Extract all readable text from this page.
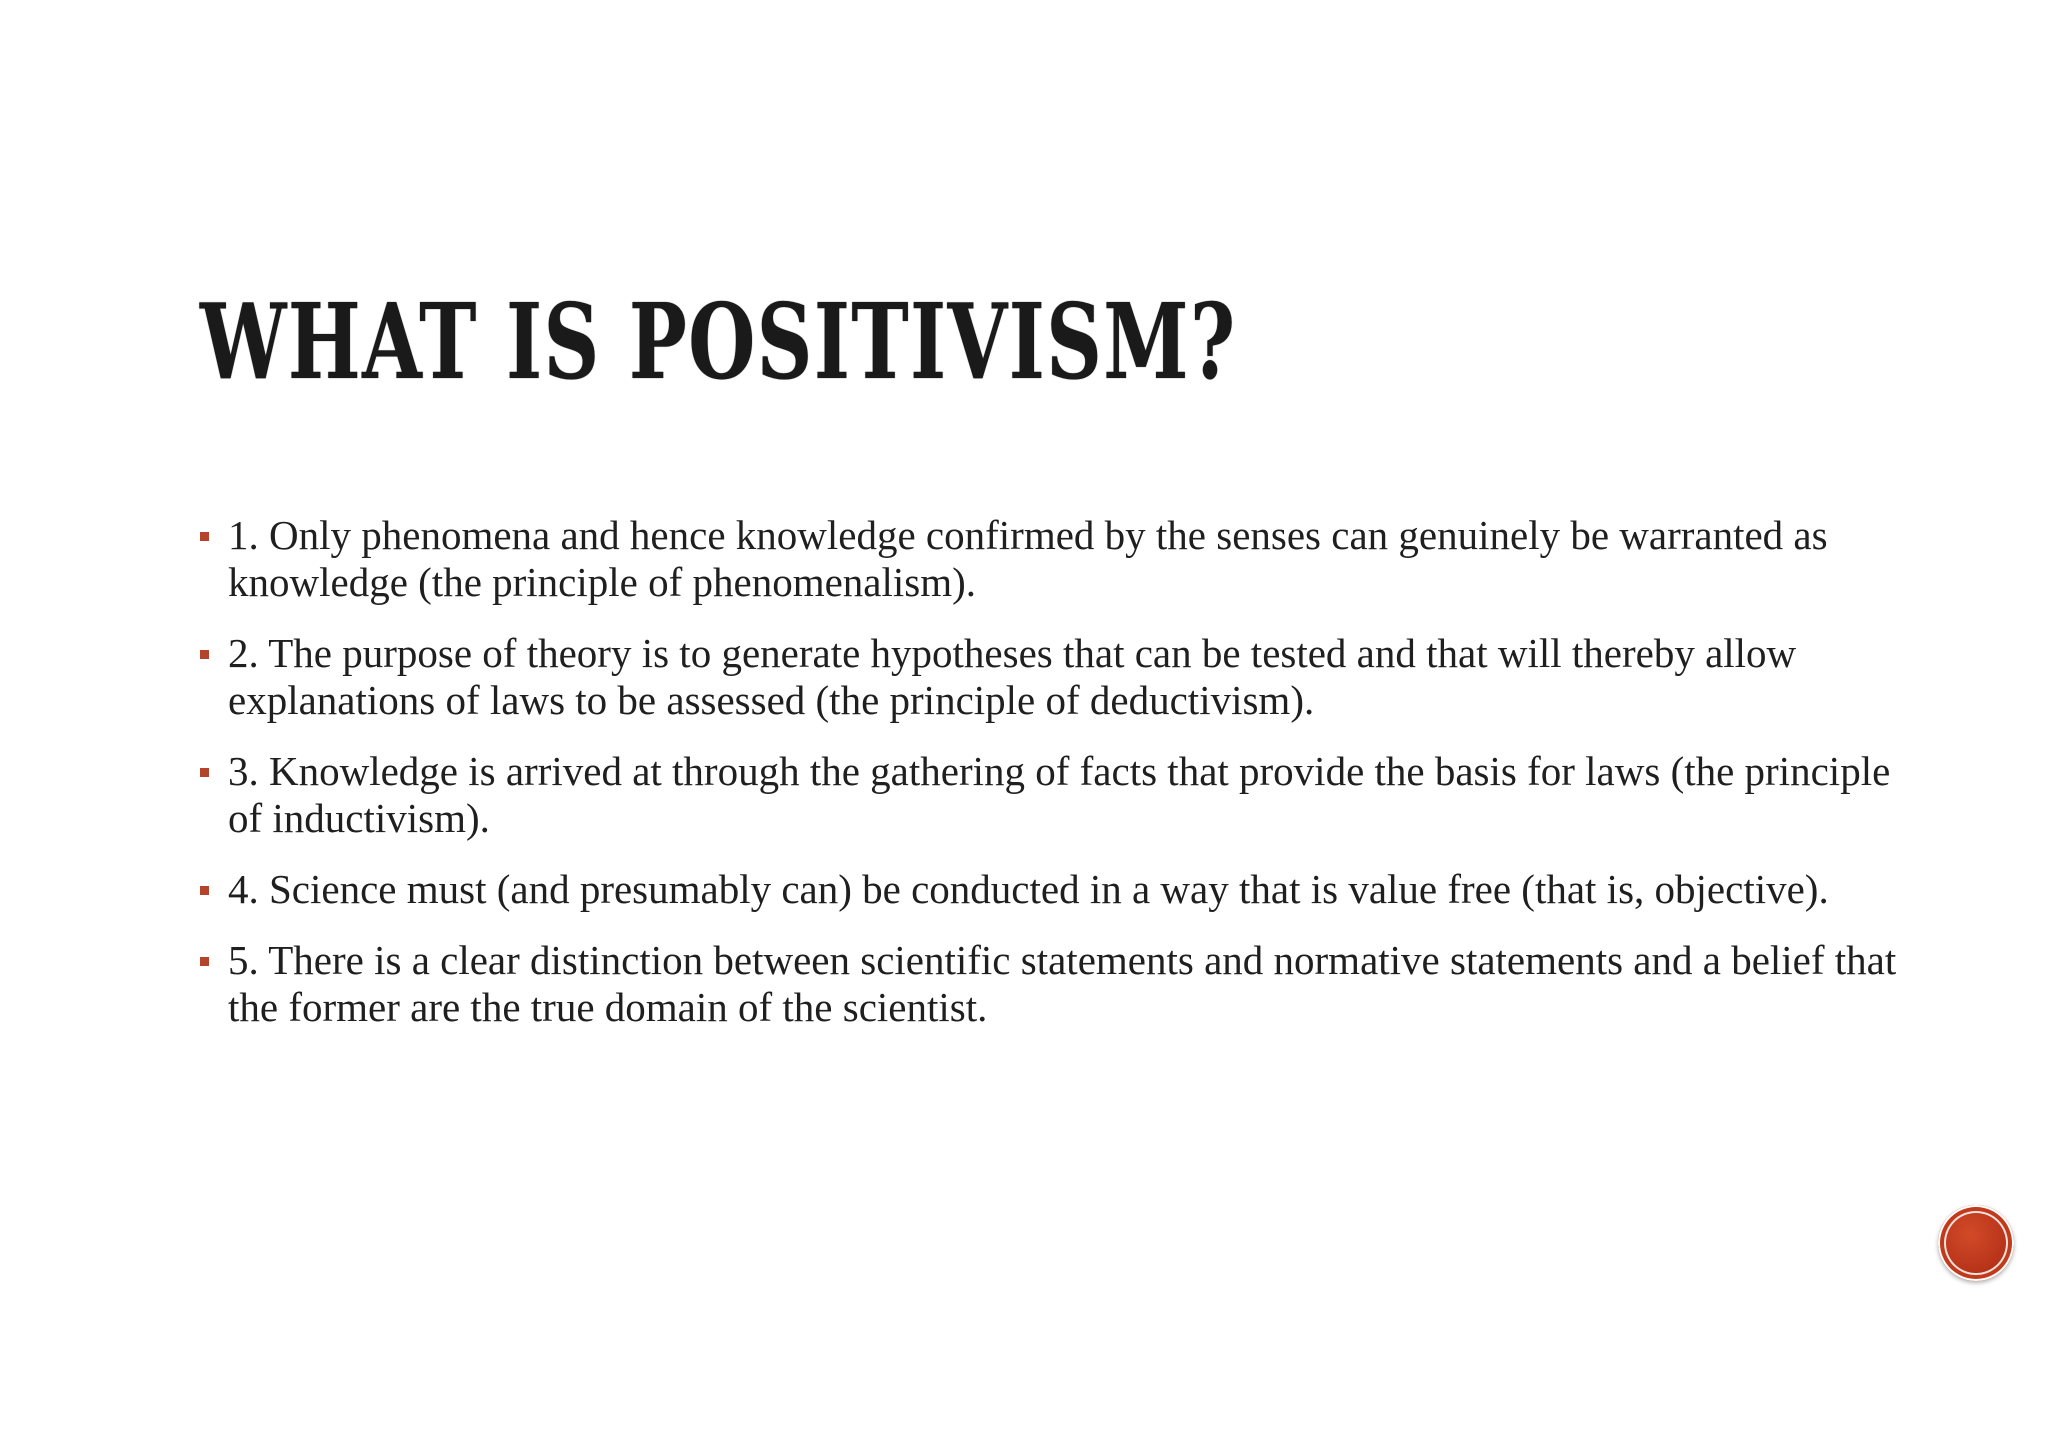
WHAT IS POSITIVISM?
1. Only phenomena and hence knowledge confirmed by the senses can genuinely be warranted as knowledge (the principle of phenomenalism).
2. The purpose of theory is to generate hypotheses that can be tested and that will thereby allow explanations of laws to be assessed (the principle of deductivism).
3. Knowledge is arrived at through the gathering of facts that provide the basis for laws (the principle of inductivism).
4. Science must (and presumably can) be conducted in a way that is value free (that is, objective).
5. There is a clear distinction between scientific statements and normative statements and a belief that the former are the true domain of the scientist.
